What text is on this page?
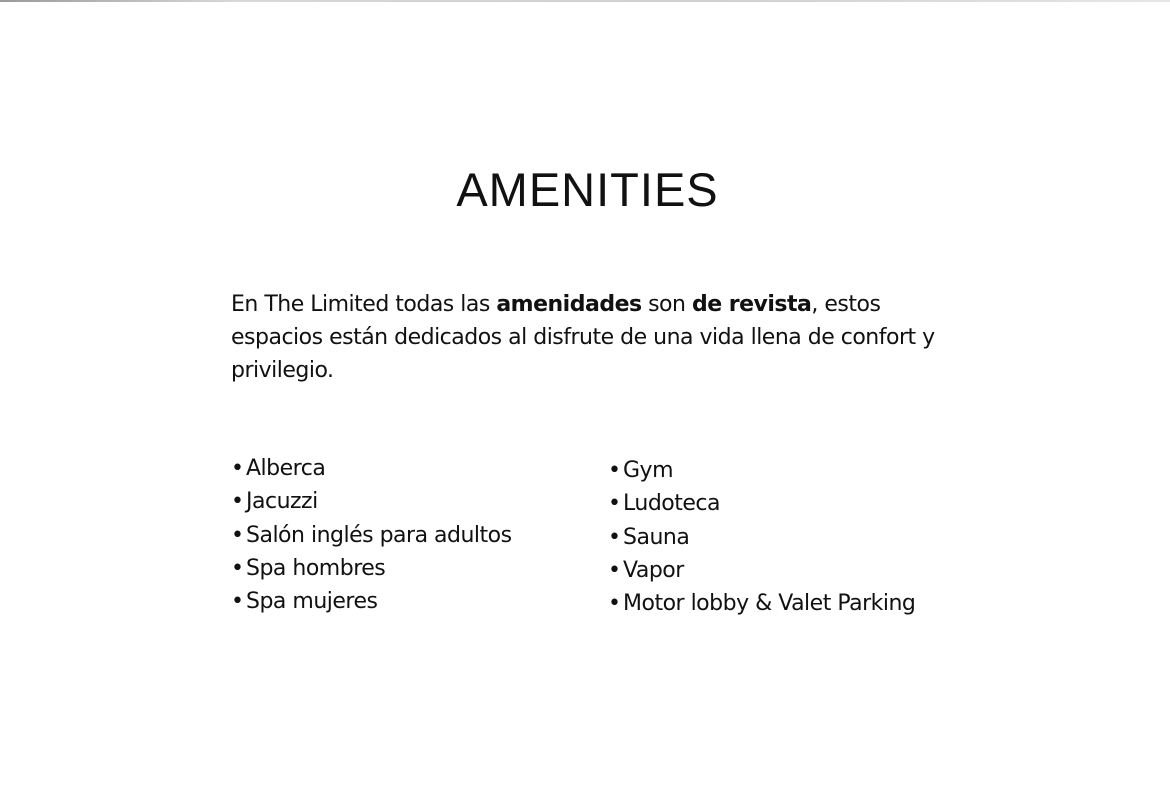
AMENITIES

En The Limited todas las amenidades son de revista, estos espacios están dedicados al disfrute de una vida llena de confort y privilegio.

• Alberca
• Jacuzzi
• Salón inglés para adultos
• Spa hombres
• Spa mujeres
• Gym
• Ludoteca
• Sauna
• Vapor
• Motor lobby & Valet Parking
